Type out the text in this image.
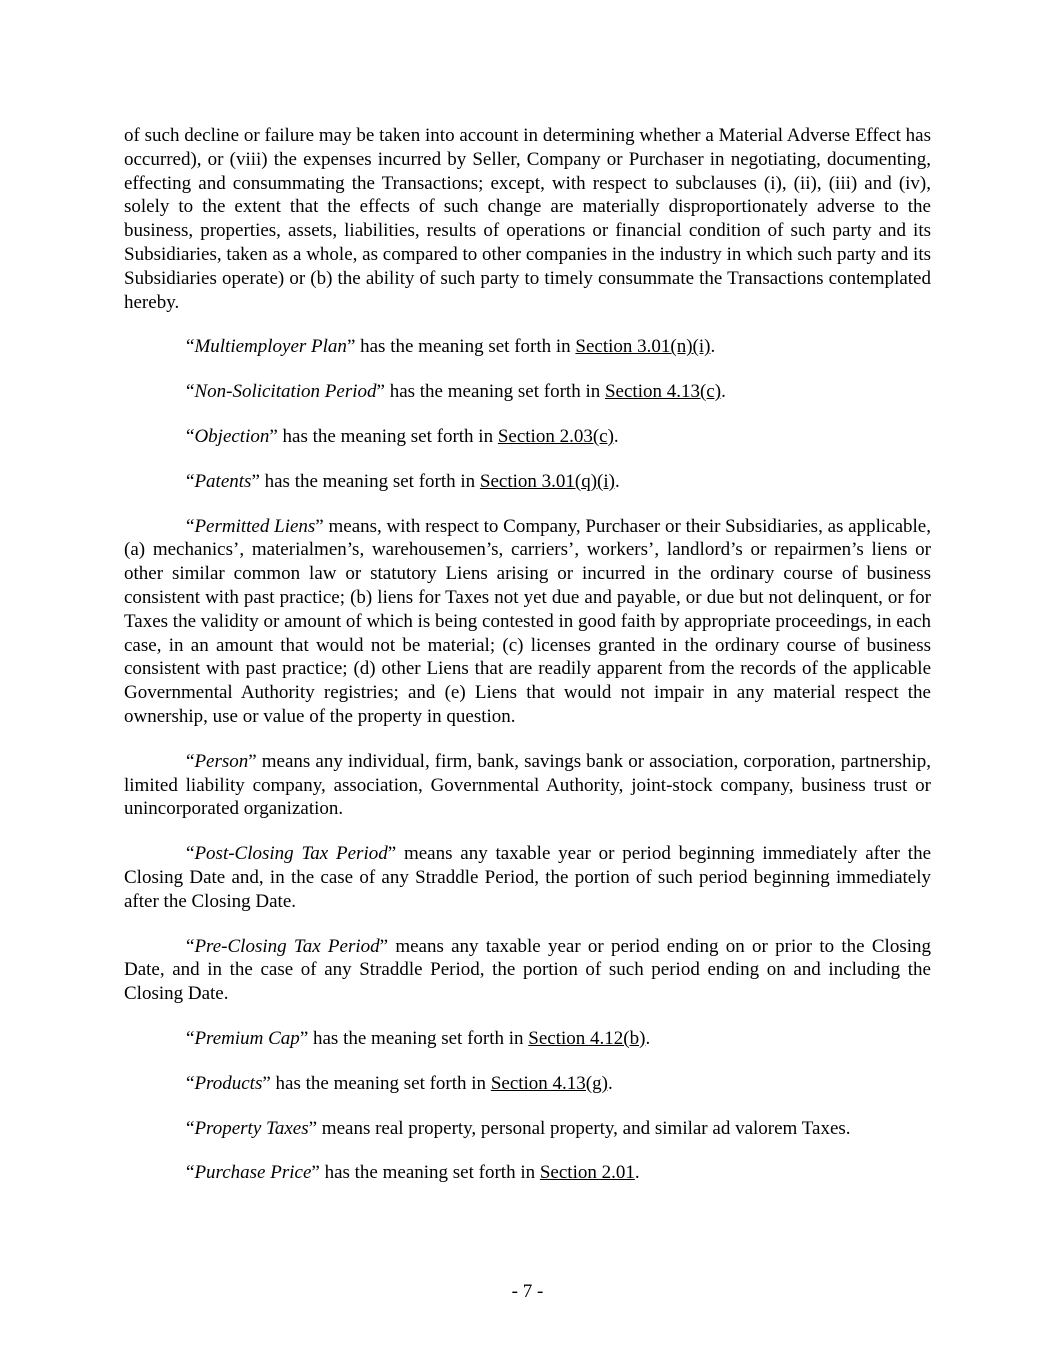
of such decline or failure may be taken into account in determining whether a Material Adverse Effect has occurred), or (viii) the expenses incurred by Seller, Company or Purchaser in negotiating, documenting, effecting and consummating the Transactions; except, with respect to subclauses (i), (ii), (iii) and (iv), solely to the extent that the effects of such change are materially disproportionately adverse to the business, properties, assets, liabilities, results of operations or financial condition of such party and its Subsidiaries, taken as a whole, as compared to other companies in the industry in which such party and its Subsidiaries operate) or (b) the ability of such party to timely consummate the Transactions contemplated hereby.

“Multiemployer Plan” has the meaning set forth in Section 3.01(n)(i).

“Non-Solicitation Period” has the meaning set forth in Section 4.13(c).

“Objection” has the meaning set forth in Section 2.03(c).

“Patents” has the meaning set forth in Section 3.01(q)(i).

“Permitted Liens” means, with respect to Company, Purchaser or their Subsidiaries, as applicable, (a) mechanics’, materialmen’s, warehousemen’s, carriers’, workers’, landlord’s or repairmen’s liens or other similar common law or statutory Liens arising or incurred in the ordinary course of business consistent with past practice; (b) liens for Taxes not yet due and payable, or due but not delinquent, or for Taxes the validity or amount of which is being contested in good faith by appropriate proceedings, in each case, in an amount that would not be material; (c) licenses granted in the ordinary course of business consistent with past practice; (d) other Liens that are readily apparent from the records of the applicable Governmental Authority registries; and (e) Liens that would not impair in any material respect the ownership, use or value of the property in question.

“Person” means any individual, firm, bank, savings bank or association, corporation, partnership, limited liability company, association, Governmental Authority, joint-stock company, business trust or unincorporated organization.

“Post-Closing Tax Period” means any taxable year or period beginning immediately after the Closing Date and, in the case of any Straddle Period, the portion of such period beginning immediately after the Closing Date.

“Pre-Closing Tax Period” means any taxable year or period ending on or prior to the Closing Date, and in the case of any Straddle Period, the portion of such period ending on and including the Closing Date.

“Premium Cap” has the meaning set forth in Section 4.12(b).

“Products” has the meaning set forth in Section 4.13(g).

“Property Taxes” means real property, personal property, and similar ad valorem Taxes.

“Purchase Price” has the meaning set forth in Section 2.01.

- 7 -
